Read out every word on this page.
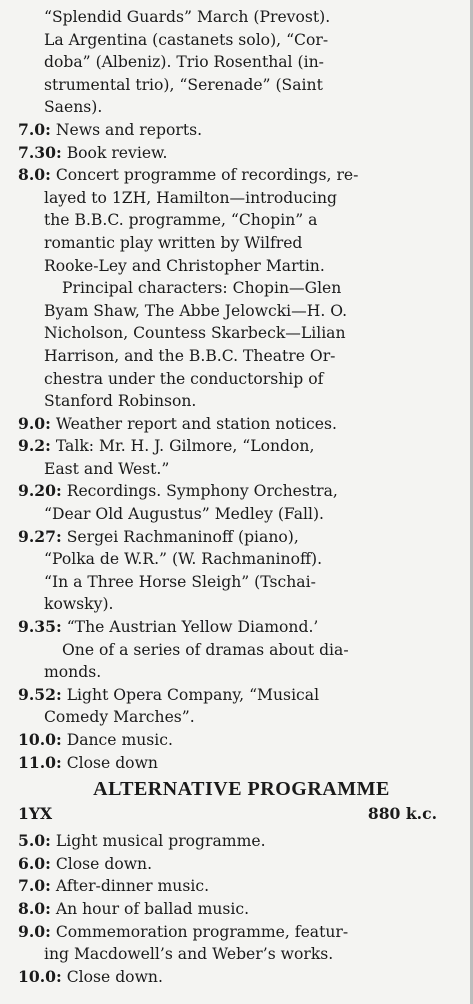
“Splendid Guards” March (Prevost).
La Argentina (castanets solo), “Cor-
doba” (Albeniz). Trio Rosenthal (in-
strumental trio), “Serenade” (Saint
Saens).
7.0: News and reports.
7.30: Book review.
8.0: Concert programme of recordings, re-
layed to 1ZH, Hamilton—introducing
the B.B.C. programme, “Chopin” a
romantic play written by Wilfred
Rooke-Ley and Christopher Martin.
Principal characters: Chopin—Glen
Byam Shaw, The Abbe Jelowcki—H. O.
Nicholson, Countess Skarbeck—Lilian
Harrison, and the B.B.C. Theatre Or-
chestra under the conductorship of
Stanford Robinson.
9.0: Weather report and station notices.
9.2: Talk: Mr. H. J. Gilmore, “London,
East and West.”
9.20: Recordings. Symphony Orchestra,
“Dear Old Augustus” Medley (Fall).
9.27: Sergei Rachmaninoff (piano),
“Polka de W.R.” (W. Rachmaninoff).
“In a Three Horse Sleigh” (Tschai-
kowsky).
9.35: “The Austrian Yellow Diamond.’
One of a series of dramas about dia-
monds.
9.52: Light Opera Company, “Musical
Comedy Marches”.
10.0: Dance music.
11.0: Close down
ALTERNATIVE PROGRAMME
1YX	880 k.c.
5.0: Light musical programme.
6.0: Close down.
7.0: After-dinner music.
8.0: An hour of ballad music.
9.0: Commemoration programme, featur-
ing Macdowell’s and Weber’s works.
10.0: Close down.
